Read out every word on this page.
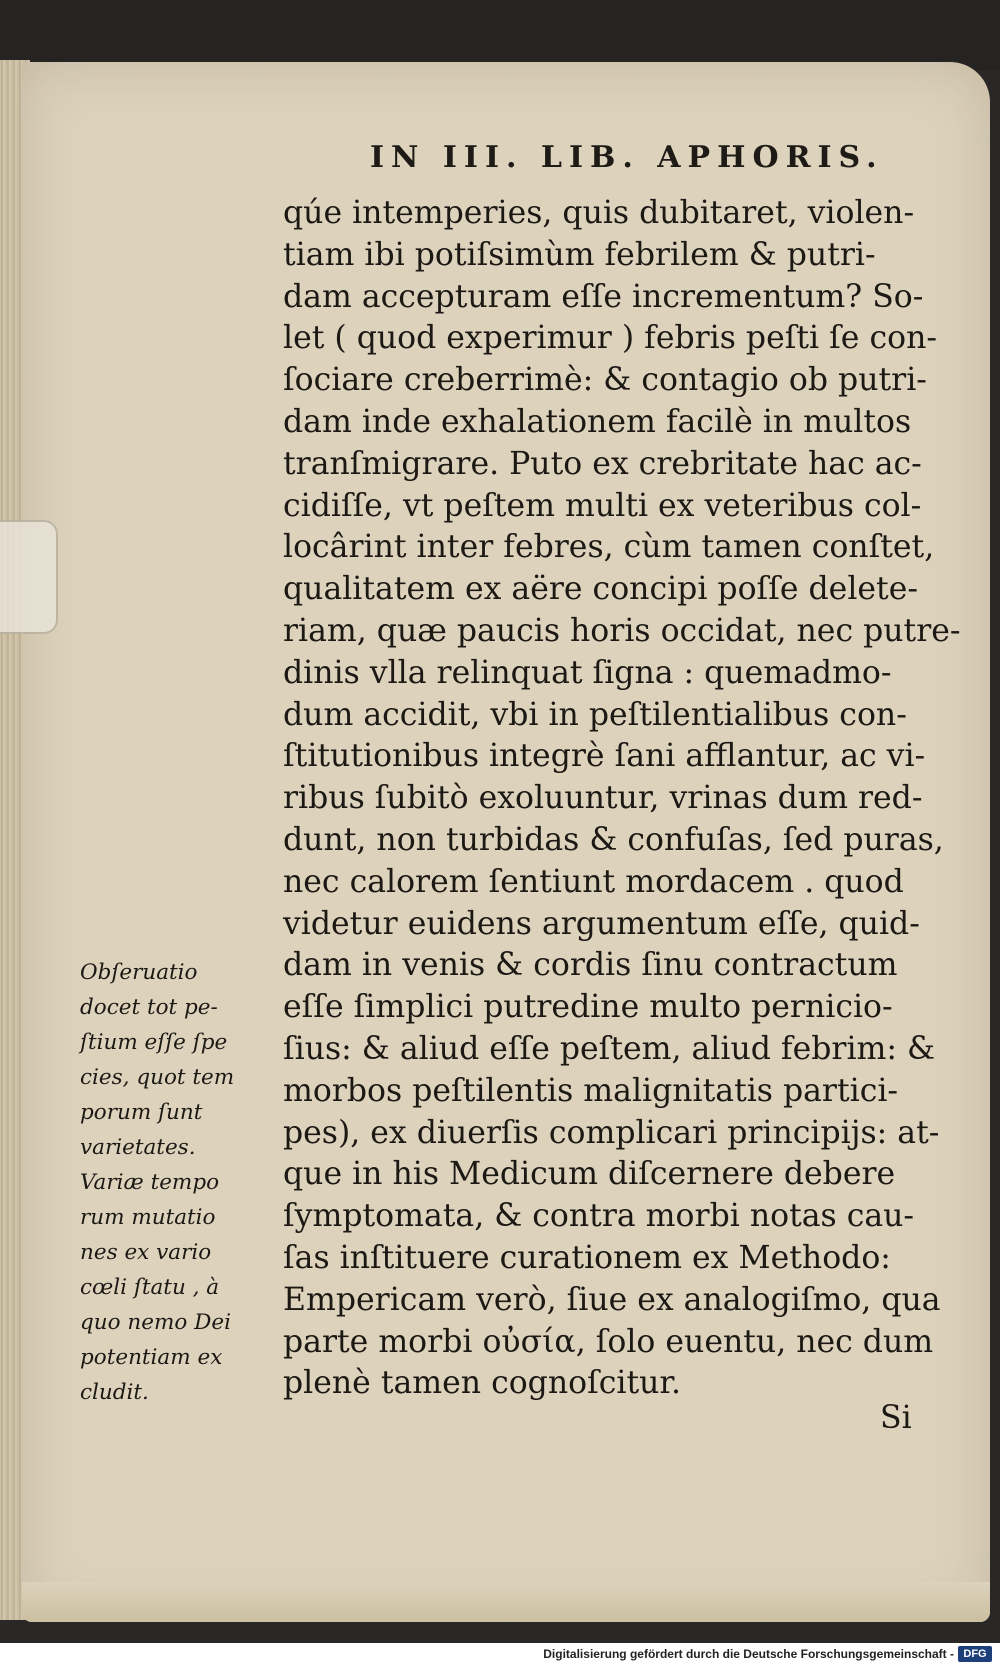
IN III. LIB. APHORIS.
qúe intemperies, quis dubitaret, violen-
tiam ibi potiſsimùm febrilem & putri-
dam accepturam eſſe incrementum? So-
let ( quod experimur ) febris peſti ſe con-
ſociare creberrimè: & contagio ob putri-
dam inde exhalationem facilè in multos
tranſmigrare. Puto ex crebritate hac ac-
cidiſſe, vt peſtem multi ex veteribus col-
locârint inter febres, cùm tamen conſtet,
qualitatem ex aëre concipi poſſe delete-
riam, quæ paucis horis occidat, nec putre-
dinis vlla relinquat ſigna : quemadmo-
dum accidit, vbi in peſtilentialibus con-
ſtitutionibus integrè ſani afflantur, ac vi-
ribus ſubitò exoluuntur, vrinas dum red-
dunt, non turbidas & confuſas, ſed puras,
nec calorem ſentiunt mordacem . quod
videtur euidens argumentum eſſe, quid-
dam in venis & cordis ſinu contractum
eſſe ſimplici putredine multo pernicio-
ſius: & aliud eſſe peſtem, aliud febrim: &
morbos peſtilentis malignitatis partici-
pes), ex diuerſis complicari principijs: at-
que in his Medicum diſcernere debere
ſymptomata, & contra morbi notas cau-
ſas inſtituere curationem ex Methodo:
Empericam verò, ſiue ex analogiſmo, qua
parte morbi οὐσία, ſolo euentu, nec dum
plenè tamen cognoſcitur.
Obſeruatio
docet tot pe-
ſtium eſſe ſpe
cies, quot tem
porum ſunt
varietates.
Variæ tempo
rum mutatio
nes ex vario
cœli ſtatu , à
quo nemo Dei
potentiam ex
cludit.
Si
Digitalisierung gefördert durch die Deutsche Forschungsgemeinschaft - DFG
